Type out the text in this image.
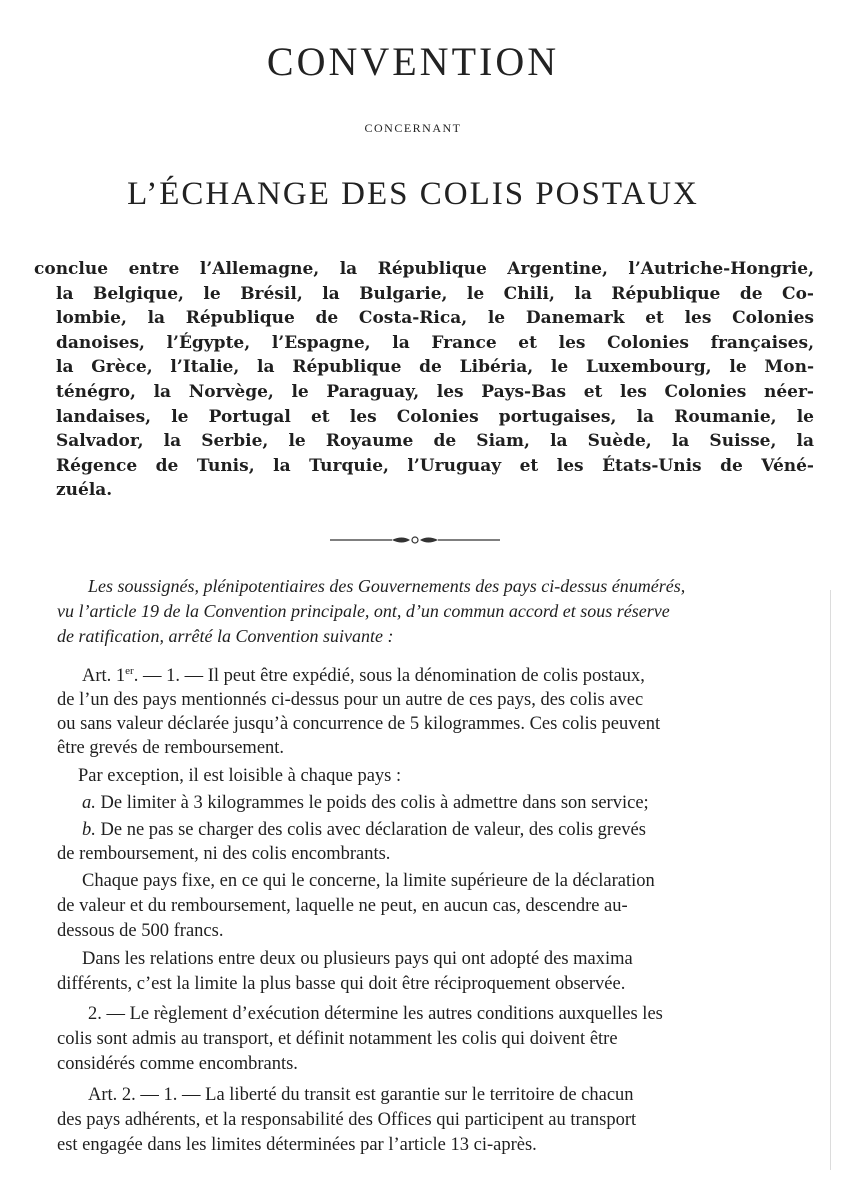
CONVENTION
CONCERNANT
L’ÉCHANGE DES COLIS POSTAUX
conclue entre l’Allemagne, la République Argentine, l’Autriche-Hongrie,
la Belgique, le Brésil, la Bulgarie, le Chili, la République de Co-
lombie, la République de Costa-Rica, le Danemark et les Colonies
danoises, l’Égypte, l’Espagne, la France et les Colonies françaises,
la Grèce, l’Italie, la République de Libéria, le Luxembourg, le Mon-
ténégro, la Norvège, le Paraguay, les Pays-Bas et les Colonies néer-
landaises, le Portugal et les Colonies portugaises, la Roumanie, le
Salvador, la Serbie, le Royaume de Siam, la Suède, la Suisse, la
Régence de Tunis, la Turquie, l’Uruguay et les États-Unis de Véné-
zuéla.
Les soussignés, plénipotentiaires des Gouvernements des pays ci-dessus énumérés,
vu l’article 19 de la Convention principale, ont, d’un commun accord et sous réserve
de ratification, arrêté la Convention suivante :
Art. 1er. — 1. — Il peut être expédié, sous la dénomination de colis postaux,
de l’un des pays mentionnés ci-dessus pour un autre de ces pays, des colis avec
ou sans valeur déclarée jusqu’à concurrence de 5 kilogrammes. Ces colis peuvent
être grevés de remboursement.
Par exception, il est loisible à chaque pays :
a. De limiter à 3 kilogrammes le poids des colis à admettre dans son service;
b. De ne pas se charger des colis avec déclaration de valeur, des colis grevés
de remboursement, ni des colis encombrants.
Chaque pays fixe, en ce qui le concerne, la limite supérieure de la déclaration
de valeur et du remboursement, laquelle ne peut, en aucun cas, descendre au-
dessous de 500 francs.
Dans les relations entre deux ou plusieurs pays qui ont adopté des maxima
différents, c’est la limite la plus basse qui doit être réciproquement observée.
2. — Le règlement d’exécution détermine les autres conditions auxquelles les
colis sont admis au transport, et définit notamment les colis qui doivent être
considérés comme encombrants.
Art. 2. — 1. — La liberté du transit est garantie sur le territoire de chacun
des pays adhérents, et la responsabilité des Offices qui participent au transport
est engagée dans les limites déterminées par l’article 13 ci-après.
